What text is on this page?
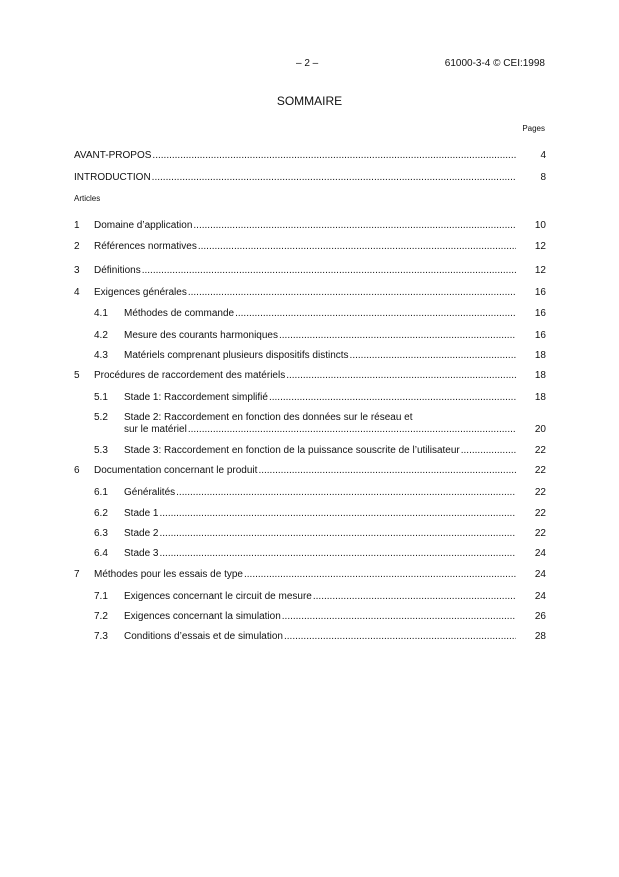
– 2 –	61000-3-4 © CEI:1998
SOMMAIRE
Pages
AVANT-PROPOS .....	4
INTRODUCTION .....	8
Articles
1 Domaine d’application .....	10
2 Références normatives .....	12
3 Définitions .....	12
4 Exigences générales .....	16
4.1 Méthodes de commande .....	16
4.2 Mesure des courants harmoniques .....	16
4.3 Matériels comprenant plusieurs dispositifs distincts .....	18
5 Procédures de raccordement des matériels .....	18
5.1 Stade 1: Raccordement simplifié .....	18
5.2 Stade 2: Raccordement en fonction des données sur le réseau et
sur le matériel .....	20
5.3 Stade 3: Raccordement en fonction de la puissance souscrite de l’utilisateur .....	22
6 Documentation concernant le produit .....	22
6.1 Généralités .....	22
6.2 Stade 1 .....	22
6.3 Stade 2 .....	22
6.4 Stade 3 .....	24
7 Méthodes pour les essais de type .....	24
7.1 Exigences concernant le circuit de mesure .....	24
7.2 Exigences concernant la simulation .....	26
7.3 Conditions d’essais et de simulation .....	28
